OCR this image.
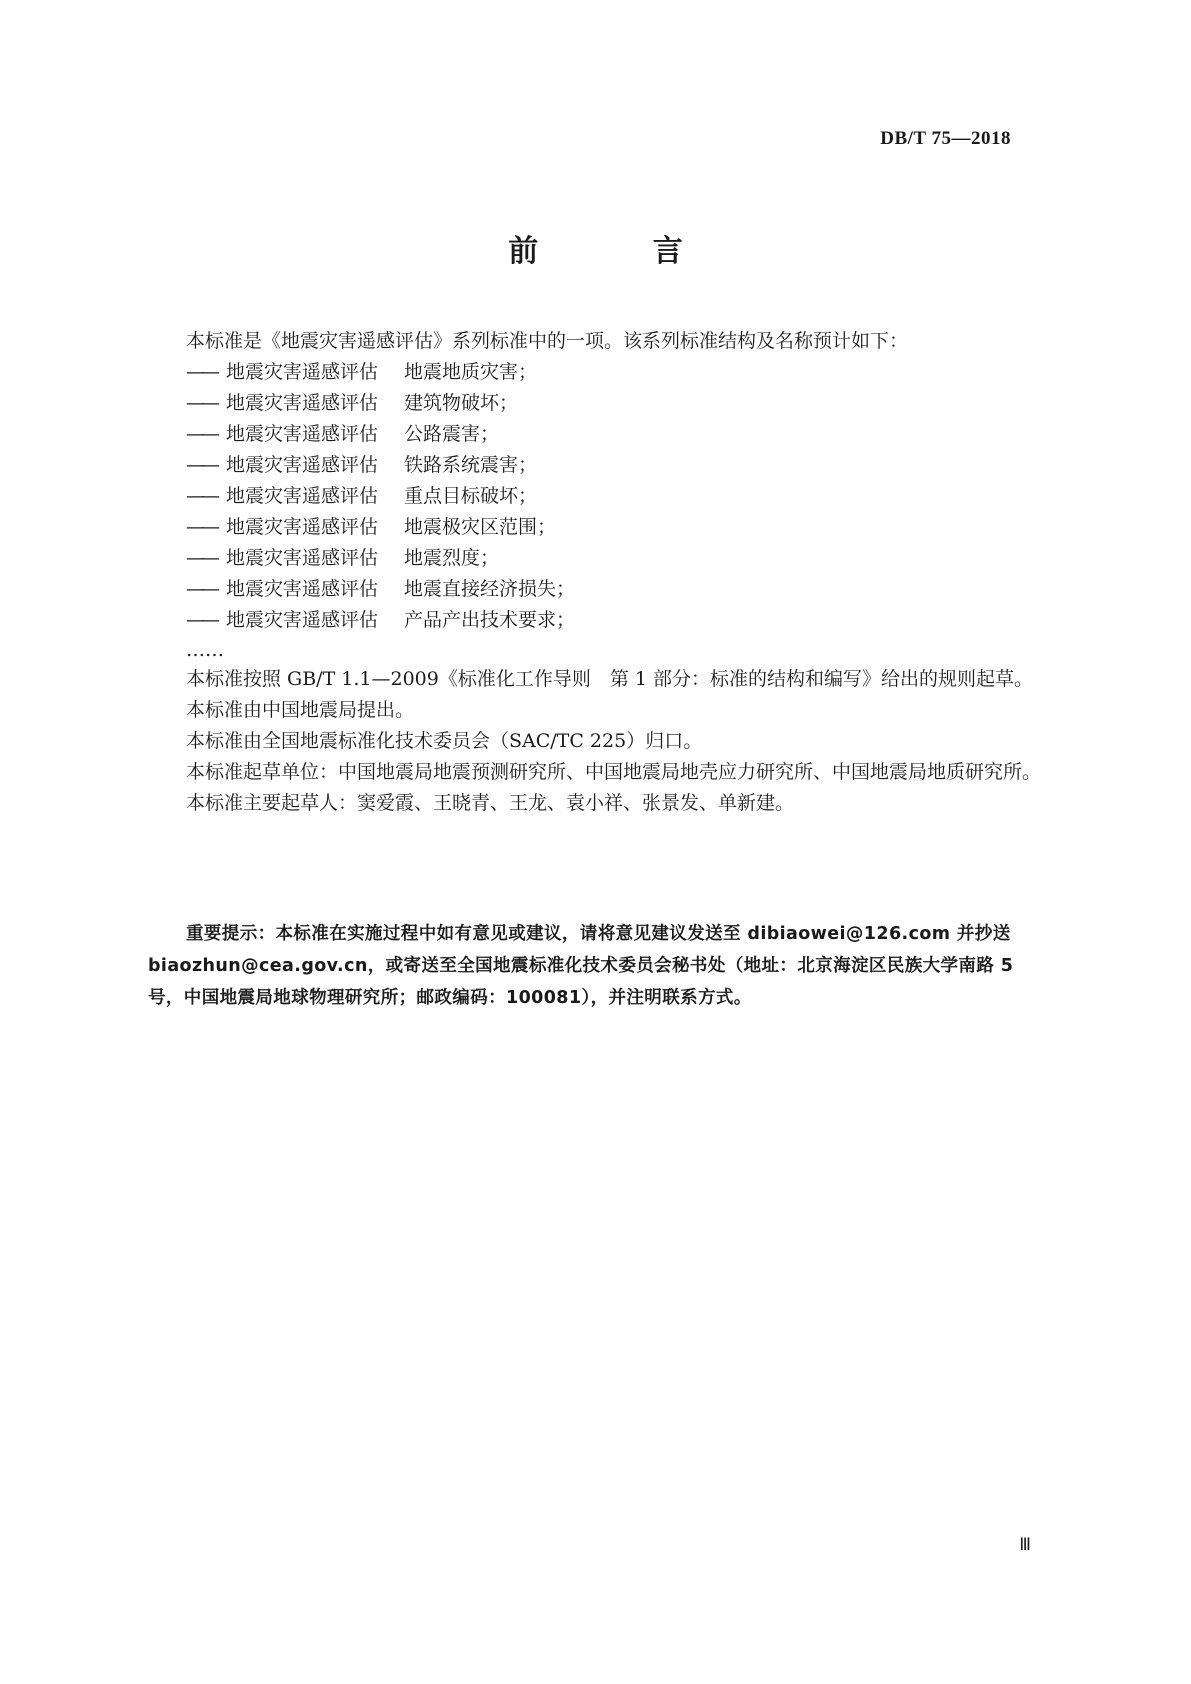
DB/T 75—2018
前 言

本标准是《地震灾害遥感评估》系列标准中的一项。该系列标准结构及名称预计如下：

—— 地震灾害遥感评估 地震地质灾害；

—— 地震灾害遥感评估 建筑物破坏；

—— 地震灾害遥感评估 公路震害；

—— 地震灾害遥感评估 铁路系统震害；

—— 地震灾害遥感评估 重点目标破坏；

—— 地震灾害遥感评估 地震极灾区范围；

—— 地震灾害遥感评估 地震烈度；

—— 地震灾害遥感评估 地震直接经济损失；

—— 地震灾害遥感评估 产品产出技术要求；

……

本标准按照 GB/T 1.1—2009《标准化工作导则　第 1 部分：标准的结构和编写》给出的规则起草。

本标准由中国地震局提出。

本标准由全国地震标准化技术委员会（SAC/TC 225）归口。

本标准起草单位：中国地震局地震预测研究所、中国地震局地壳应力研究所、中国地震局地质研究所。

本标准主要起草人：窦爱霞、王晓青、王龙、袁小祥、张景发、单新建。

重要提示：本标准在实施过程中如有意见或建议，请将意见建议发送至 dibiaowei@126.com 并抄送 biaozhun@cea.gov.cn，或寄送至全国地震标准化技术委员会秘书处（地址：北京海淀区民族大学南路 5 号，中国地震局地球物理研究所；邮政编码：100081），并注明联系方式。
Ⅲ
